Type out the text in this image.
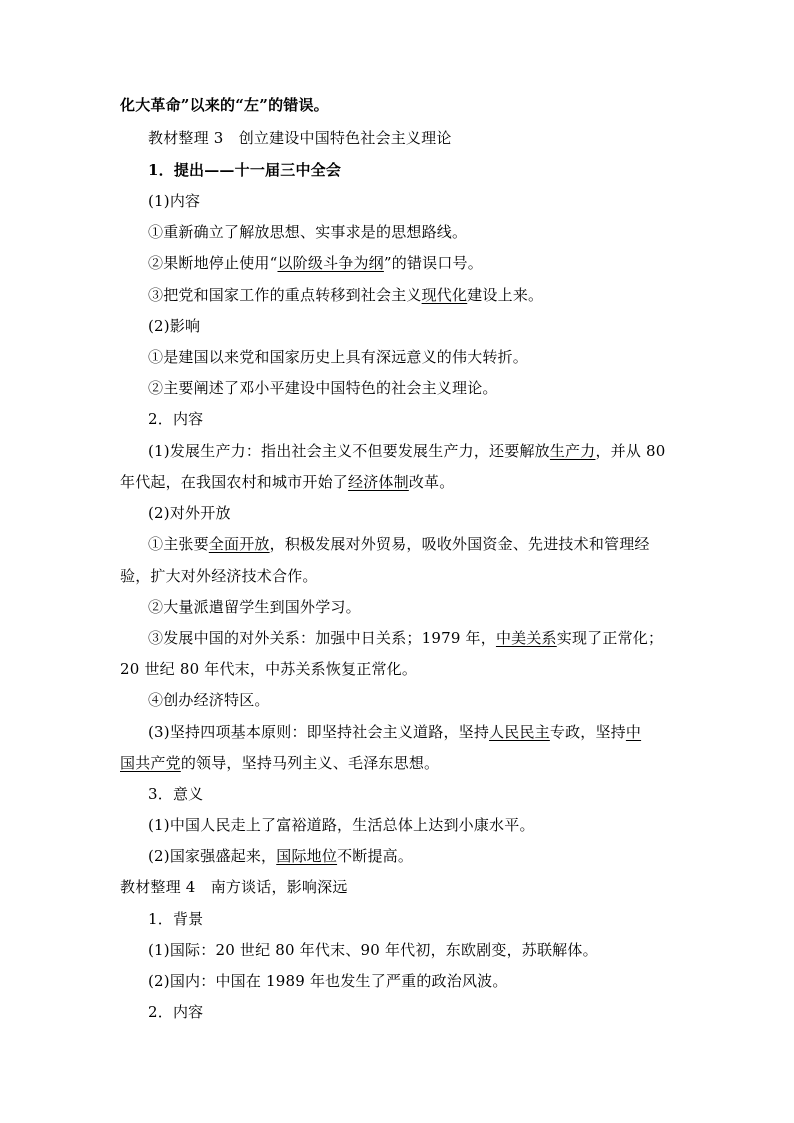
化大革命”以来的“左”的错误。
教材整理 3　创立建设中国特色社会主义理论
1．提出——十一届三中全会
(1)内容
①重新确立了解放思想、实事求是的思想路线。
②果断地停止使用“以阶级斗争为纲”的错误口号。
③把党和国家工作的重点转移到社会主义现代化建设上来。
(2)影响
①是建国以来党和国家历史上具有深远意义的伟大转折。
②主要阐述了邓小平建设中国特色的社会主义理论。
2．内容
(1)发展生产力：指出社会主义不但要发展生产力，还要解放生产力，并从 80
年代起，在我国农村和城市开始了经济体制改革。
(2)对外开放
①主张要全面开放，积极发展对外贸易，吸收外国资金、先进技术和管理经
验，扩大对外经济技术合作。
②大量派遣留学生到国外学习。
③发展中国的对外关系：加强中日关系；1979 年，中美关系实现了正常化；
20 世纪 80 年代末，中苏关系恢复正常化。
④创办经济特区。
(3)坚持四项基本原则：即坚持社会主义道路，坚持人民民主专政，坚持中
国共产党的领导，坚持马列主义、毛泽东思想。
3．意义
(1)中国人民走上了富裕道路，生活总体上达到小康水平。
(2)国家强盛起来，国际地位不断提高。
教材整理 4　南方谈话，影响深远
1．背景
(1)国际：20 世纪 80 年代末、90 年代初，东欧剧变，苏联解体。
(2)国内：中国在 1989 年也发生了严重的政治风波。
2．内容
